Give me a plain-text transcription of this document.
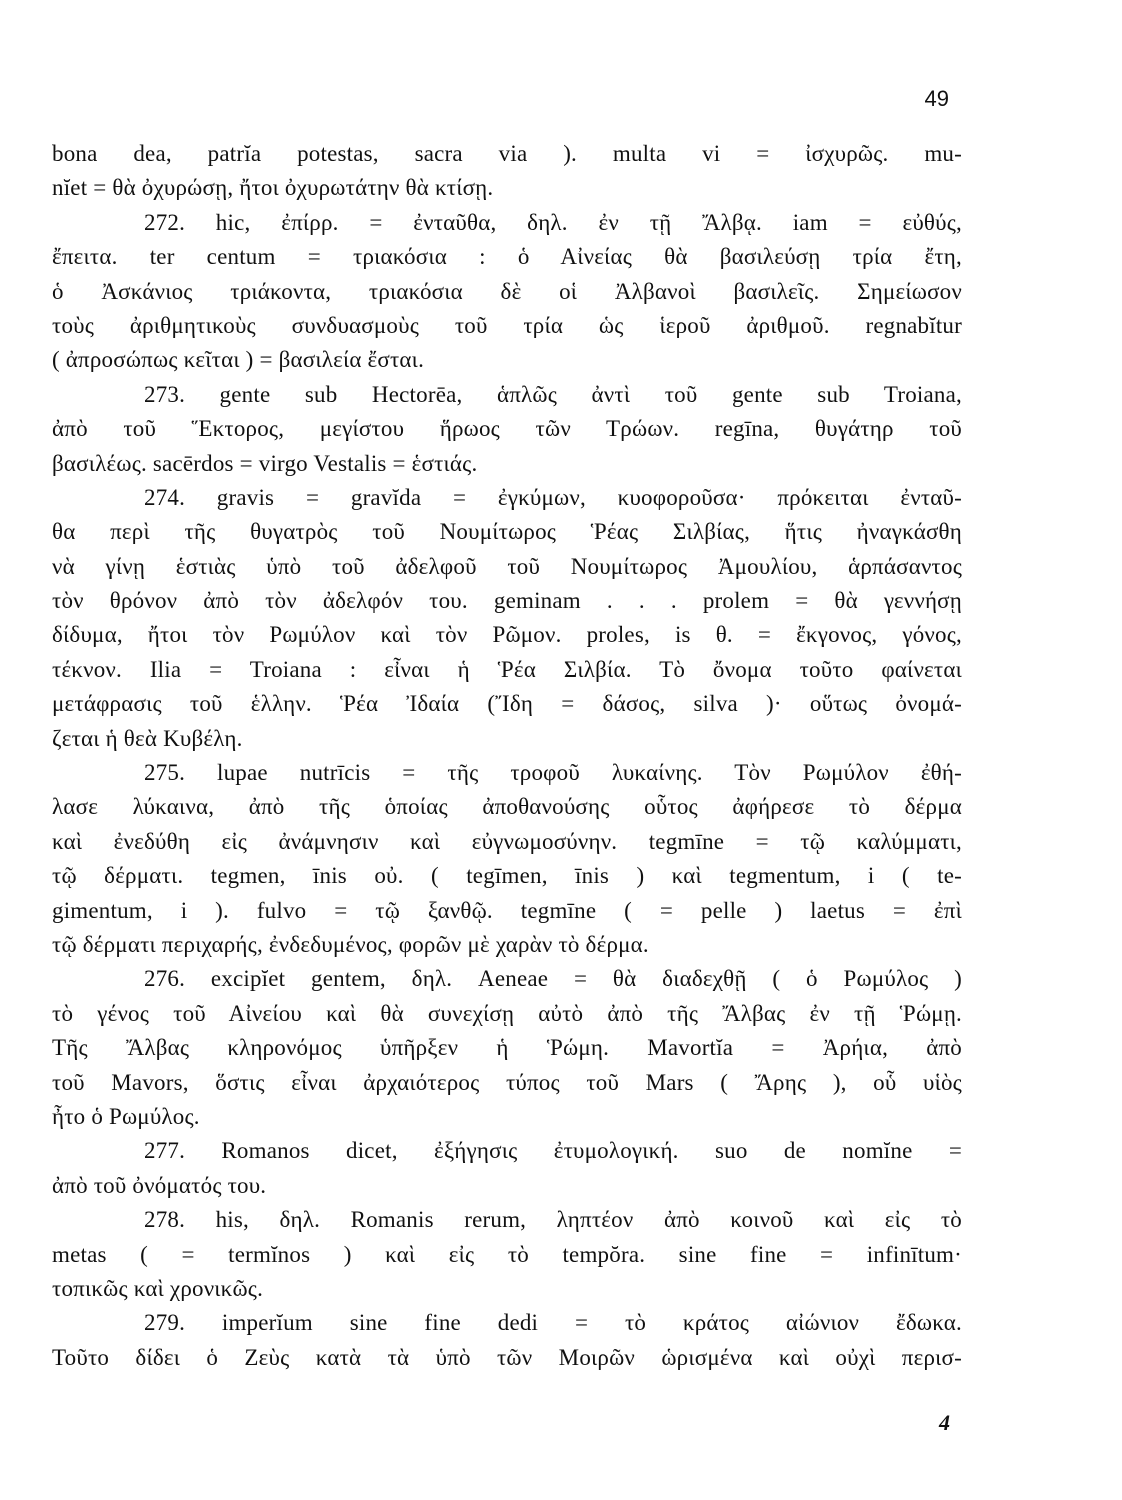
49
bona dea, patrĭa potestas, sacra via ). multa vi = ἰσχυρῶς. mu-
nĭet = θὰ ὀχυρώσῃ, ἤτοι ὀχυρωτάτην θὰ κτίσῃ.
272. hic, ἐπίρρ. = ἐνταῦθα, δηλ. ἐν τῇ Ἄλβᾳ. iam = εὐθύς,
ἔπειτα. ter centum = τριακόσια : ὁ Αἰνείας θὰ βασιλεύσῃ τρία ἔτη,
ὁ Ἀσκάνιος τριάκοντα, τριακόσια δὲ οἱ Ἀλβανοὶ βασιλεῖς. Σημείωσον
τοὺς ἀριθμητικοὺς συνδυασμοὺς τοῦ τρία ὡς ἱεροῦ ἀριθμοῦ. regnabĭtur
( ἀπροσώπως κεῖται ) = βασιλεία ἔσται.
273. gente sub Hectorēa, ἁπλῶς ἀντὶ τοῦ gente sub Troiana,
ἀπὸ τοῦ Ἕκτορος, μεγίστου ἥρωος τῶν Τρώων. regīna, θυγάτηρ τοῦ
βασιλέως. sacērdos = virgo Vestalis = ἑστιάς.
274. gravis = gravĭda = ἐγκύμων, κυοφοροῦσα· πρόκειται ἐνταῦ-
θα περὶ τῆς θυγατρὸς τοῦ Νουμίτωρος Ῥέας Σιλβίας, ἥτις ἠναγκάσθη
νὰ γίνῃ ἑστιὰς ὑπὸ τοῦ ἀδελφοῦ τοῦ Νουμίτωρος Ἀμουλίου, ἁρπάσαντος
τὸν θρόνον ἀπὸ τὸν ἀδελφόν του. geminam . . . prolem = θὰ γεννήσῃ
δίδυμα, ἤτοι τὸν Ρωμύλον καὶ τὸν Ρῶμον. proles, is θ. = ἔκγονος, γόνος,
τέκνον. Ilia = Troiana : εἶναι ἡ Ῥέα Σιλβία. Τὸ ὄνομα τοῦτο φαίνεται
μετάφρασις τοῦ ἑλλην. Ῥέα Ἰδαία (Ἴδη = δάσος, silva )· οὕτως ὀνομά-
ζεται ἡ θεὰ Κυβέλη.
275. lupae nutrīcis = τῆς τροφοῦ λυκαίνης. Τὸν Ρωμύλον ἐθή-
λασε λύκαινα, ἀπὸ τῆς ὁποίας ἀποθανούσης οὗτος ἀφήρεσε τὸ δέρμα
καὶ ἐνεδύθη εἰς ἀνάμνησιν καὶ εὐγνωμοσύνην. tegmīne = τῷ καλύμματι,
τῷ δέρματι. tegmen, īnis οὐ. ( tegīmen, īnis ) καὶ tegmentum, i ( te-
gimentum, i ). fulvo = τῷ ξανθῷ. tegmīne ( = pelle ) laetus = ἐπὶ
τῷ δέρματι περιχαρής, ἐνδεδυμένος, φορῶν μὲ χαρὰν τὸ δέρμα.
276. excipĭet gentem, δηλ. Aeneae = θὰ διαδεχθῇ ( ὁ Ρωμύλος )
τὸ γένος τοῦ Αἰνείου καὶ θὰ συνεχίσῃ αὐτὸ ἀπὸ τῆς Ἄλβας ἐν τῇ Ῥώμῃ.
Τῆς Ἄλβας κληρονόμος ὑπῆρξεν ἡ Ῥώμη. Mavortĭa = Ἀρήια, ἀπὸ
τοῦ Mavors, ὅστις εἶναι ἀρχαιότερος τύπος τοῦ Mars ( Ἄρης ), οὗ υἱὸς
ἦτο ὁ Ρωμύλος.
277. Romanos dicet, ἐξήγησις ἐτυμολογική. suo de nomĭne =
ἀπὸ τοῦ ὀνόματός του.
278. his, δηλ. Romanis rerum, ληπτέον ἀπὸ κοινοῦ καὶ εἰς τὸ
metas ( = termĭnos ) καὶ εἰς τὸ tempŏra. sine fine = infinītum·
τοπικῶς καὶ χρονικῶς.
279. imperĭum sine fine dedi = τὸ κράτος αἰώνιον ἔδωκα.
Τοῦτο δίδει ὁ Ζεὺς κατὰ τὰ ὑπὸ τῶν Μοιρῶν ὡρισμένα καὶ οὐχὶ περισ-
4
